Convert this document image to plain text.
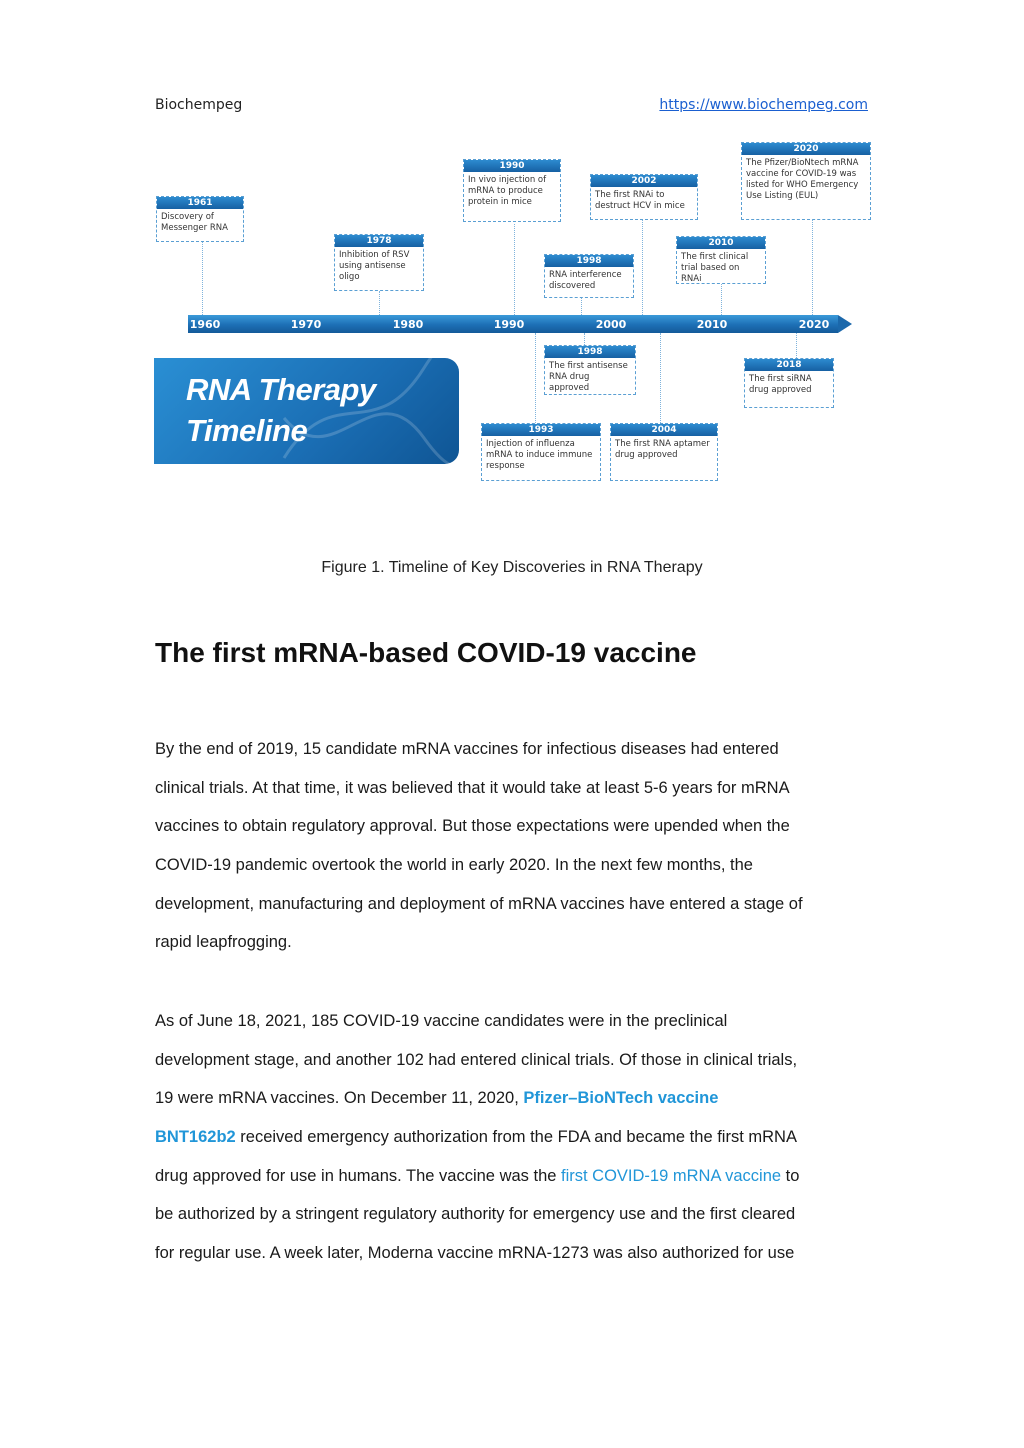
Biochempeg	https://www.biochempeg.com
1961
Discovery of Messenger RNA
1978
Inhibition of RSV using antisense oligo
1990
In vivo injection of mRNA to produce protein in mice
1998
RNA interference discovered
2002
The first RNAi to destruct HCV in mice
2010
The first clinical trial based on RNAi
2020
The Pfizer/BioNtech mRNA vaccine for COVID-19 was listed for WHO Emergency Use Listing (EUL)
1960	1970	1980	1990	2000	2010	2020
RNA Therapy
Timeline
1998
The first antisense RNA drug approved
1993
Injection of influenza mRNA to induce immune response
2004
The first RNA aptamer drug approved
2018
The first siRNA drug approved
Figure 1. Timeline of Key Discoveries in RNA Therapy
The first mRNA-based COVID-19 vaccine
By the end of 2019, 15 candidate mRNA vaccines for infectious diseases had entered
clinical trials. At that time, it was believed that it would take at least 5-6 years for mRNA
vaccines to obtain regulatory approval. But those expectations were upended when the
COVID-19 pandemic overtook the world in early 2020. In the next few months, the
development, manufacturing and deployment of mRNA vaccines have entered a stage of
rapid leapfrogging.
As of June 18, 2021, 185 COVID-19 vaccine candidates were in the preclinical
development stage, and another 102 had entered clinical trials. Of those in clinical trials,
19 were mRNA vaccines. On December 11, 2020, Pfizer–BioNTech vaccine
BNT162b2 received emergency authorization from the FDA and became the first mRNA
drug approved for use in humans. The vaccine was the first COVID-19 mRNA vaccine to
be authorized by a stringent regulatory authority for emergency use and the first cleared
for regular use. A week later, Moderna vaccine mRNA-1273 was also authorized for use
